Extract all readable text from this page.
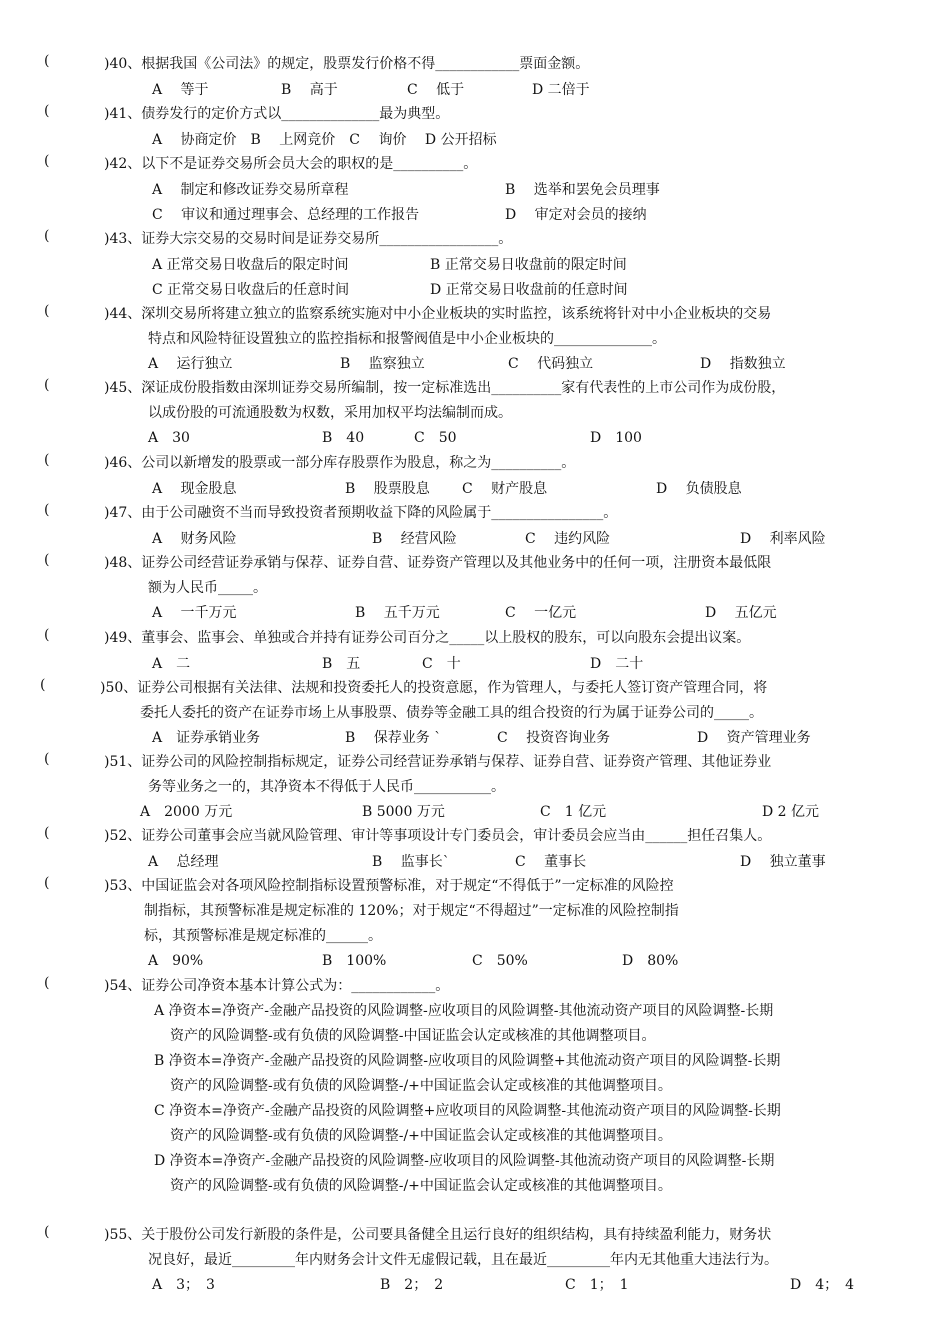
(	)40、根据我国《公司法》的规定，股票发行价格不得____________票面金额。
A　 等于	B　 高于	C　 低于	D 二倍于
(	)41、债券发行的定价方式以______________最为典型。
A　 协商定价　B　 上网竞价　C　 询价　 D 公开招标
(	)42、以下不是证券交易所会员大会的职权的是__________。
A　 制定和修改证券交易所章程	B　 选举和罢免会员理事
C　 审议和通过理事会、总经理的工作报告	D　 审定对会员的接纳
(	)43、证券大宗交易的交易时间是证券交易所_________________。
A 正常交易日收盘后的限定时间	B 正常交易日收盘前的限定时间
C 正常交易日收盘后的任意时间	D 正常交易日收盘前的任意时间
(	)44、深圳交易所将建立独立的监察系统实施对中小企业板块的实时监控，该系统将针对中小企业板块的交易
特点和风险特征设置独立的监控指标和报警阀值是中小企业板块的______________。
A　 运行独立	B　 监察独立	C　 代码独立	D　 指数独立
(	)45、深证成份股指数由深圳证券交易所编制，按一定标准选出__________家有代表性的上市公司作为成份股，
以成份股的可流通股数为权数，采用加权平均法编制而成。
A　30	B　40	C　50	D　100
(	)46、公司以新增发的股票或一部分库存股票作为股息，称之为__________。
A　 现金股息	B　 股票股息 C　 财产股息	D　 负债股息
(	)47、由于公司融资不当而导致投资者预期收益下降的风险属于________________。
A　 财务风险	B　 经营风险	C　 违约风险	D　 利率风险
(	)48、证券公司经营证券承销与保荐、证券自营、证券资产管理以及其他业务中的任何一项，注册资本最低限
额为人民币_____。
A　 一千万元	B　 五千万元	C　 一亿元	D　 五亿元
(	)49、董事会、监事会、单独或合并持有证券公司百分之_____以上股权的股东，可以向股东会提出议案。
A　二	B　五	C　十	D　二十
(	)50、证券公司根据有关法律、法规和投资委托人的投资意愿，作为管理人，与委托人签订资产管理合同，将
委托人委托的资产在证券市场上从事股票、债券等金融工具的组合投资的行为属于证券公司的_____。
A　证券承销业务	B　 保荐业务 `	C　 投资咨询业务	D　 资产管理业务
(	)51、证券公司的风险控制指标规定，证券公司经营证券承销与保荐、证券自营、证券资产管理、其他证券业
务等业务之一的，其净资本不得低于人民币___________。
A　2000 万元	B 5000 万元	C　1 亿元	D 2 亿元
(	)52、证券公司董事会应当就风险管理、审计等事项设计专门委员会，审计委员会应当由______担任召集人。
A　 总经理	B　 监事长`	C　 董事长	D　 独立董事
(	)53、中国证监会对各项风险控制指标设置预警标准，对于规定“不得低于”一定标准的风险控
制指标，其预警标准是规定标准的 120%；对于规定“不得超过”一定标准的风险控制指
标，其预警标准是规定标准的______。
A　90%	B　100%	C　50%	D　80%
(	)54、证券公司净资本基本计算公式为：____________。
A 净资本=净资产-金融产品投资的风险调整-应收项目的风险调整-其他流动资产项目的风险调整-长期
资产的风险调整-或有负债的风险调整-中国证监会认定或核准的其他调整项目。
B 净资本=净资产-金融产品投资的风险调整-应收项目的风险调整+其他流动资产项目的风险调整-长期
资产的风险调整-或有负债的风险调整-/+中国证监会认定或核准的其他调整项目。
C 净资本=净资产-金融产品投资的风险调整+应收项目的风险调整-其他流动资产项目的风险调整-长期
资产的风险调整-或有负债的风险调整-/+中国证监会认定或核准的其他调整项目。
D 净资本=净资产-金融产品投资的风险调整-应收项目的风险调整-其他流动资产项目的风险调整-长期
资产的风险调整-或有负债的风险调整-/+中国证监会认定或核准的其他调整项目。
(	)55、关于股份公司发行新股的条件是，公司要具备健全且运行良好的组织结构，具有持续盈利能力，财务状
况良好，最近_________年内财务会计文件无虚假记载，且在最近_________年内无其他重大违法行为。
A　3；　3	B　2；　2	C　1；　1	D　4；　4
